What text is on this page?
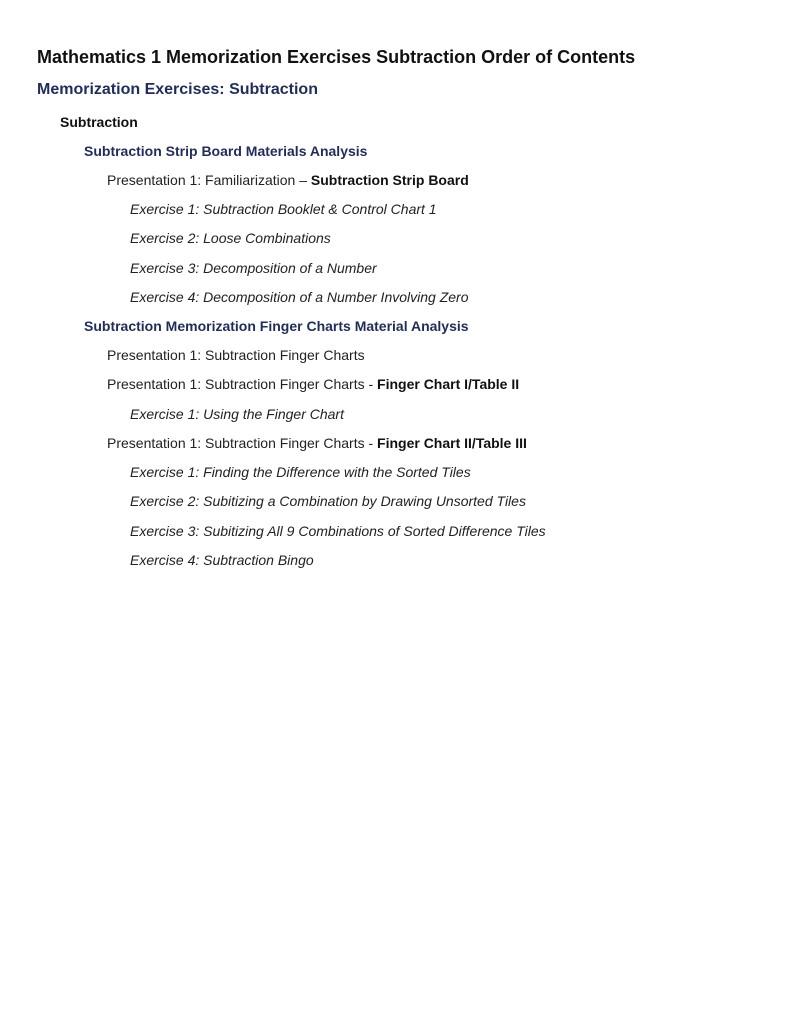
Mathematics 1 Memorization Exercises Subtraction Order of Contents
Memorization Exercises: Subtraction
Subtraction
Subtraction Strip Board Materials Analysis
Presentation 1: Familiarization – Subtraction Strip Board
Exercise 1: Subtraction Booklet & Control Chart 1
Exercise 2: Loose Combinations
Exercise 3: Decomposition of a Number
Exercise 4: Decomposition of a Number Involving Zero
Subtraction Memorization Finger Charts Material Analysis
Presentation 1: Subtraction Finger Charts
Presentation 1: Subtraction Finger Charts - Finger Chart I/Table II
Exercise 1: Using the Finger Chart
Presentation 1: Subtraction Finger Charts - Finger Chart II/Table III
Exercise 1: Finding the Difference with the Sorted Tiles
Exercise 2: Subitizing a Combination by Drawing Unsorted Tiles
Exercise 3: Subitizing All 9 Combinations of Sorted Difference Tiles
Exercise 4: Subtraction Bingo
